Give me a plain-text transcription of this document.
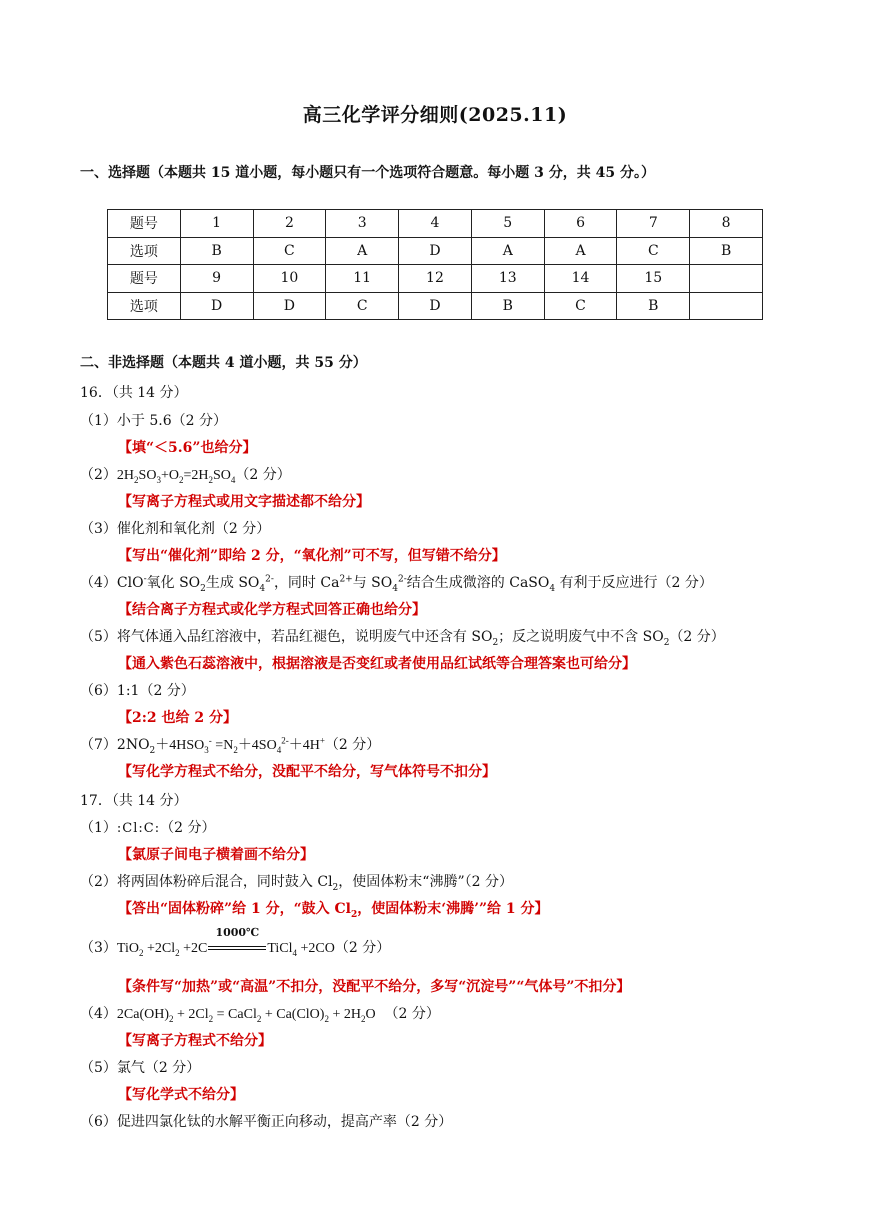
高三化学评分细则(2025.11)
一、选择题（本题共 15 道小题，每小题只有一个选项符合题意。每小题 3 分，共 45 分。）
题号	1	2	3	4	5	6	7	8
选项	B	C	A	D	A	A	C	B
题号	9	10	11	12	13	14	15	
选项	D	D	C	D	B	C	B	
二、非选择题（本题共 4 道小题，共 55 分）
16．（共 14 分）
（1）小于 5.6（2 分）
【填“＜5.6”也给分】
$(2)2H_2SO_3+O_2=2H_2SO_4(2$ 分）
【写离子方程式或用文字描述都不给分】
（3）催化剂和氧化剂（2 分）
【写出“催化剂”即给 2 分，“氧化剂”可不写，但写错不给分】
（4）ClO-氧化 $SO_2$生成 $SO_4^{2-}$，同时 $Ca^{2+}$与 $SO_4^{2-}$结合生成微溶的 CaSO$_4$ 有利于反应进行（2 分）
【结合离子方程式或化学方程式回答正确也给分】
（5）将气体通入品红溶液中，若品红褪色，说明废气中还含有 $SO_2$；反之说明废气中不含 $SO_2(2$ 分）
【通入紫色石蕊溶液中，根据溶液是否变红或者使用品红试纸等合理答案也可给分】
（6）1:1（2 分）
【2:2 也给 2 分】
$(7)2NO_2+4HSO_3^- =N_2+4SO_4^{2-}+4H^+(2$ 分）
【写化学方程式不给分，没配平不给分，写气体符号不扣分】
17．（共 14 分）
（1）:Cl:C:（2 分）
【氯原子间电子横着画不给分】
（2）将两固体粉碎后混合，同时鼓入 $Cl_2$，使固体粉末“沸腾”（2 分）
【答出“固体粉碎”给 1 分，“鼓入 $Cl_2$，使固体粉末‘沸腾’”给 1 分】
$(3)TiO_2 +2Cl_2 +2C$
1000℃
TiCl$_4$ +2CO（2 分）
【条件写“加热”或“高温”不扣分，没配平不给分，多写“沉淀号”“气体号”不扣分】
$(4)2Ca(OH)_2 + 2Cl_2$ = CaCl$_2$ + $Ca(ClO)_2 + 2H_2O$ （2 分）
【写离子方程式不给分】
（5）氯气（2 分）
【写化学式不给分】
（6）促进四氯化钛的水解平衡正向移动，提高产率（2 分）
